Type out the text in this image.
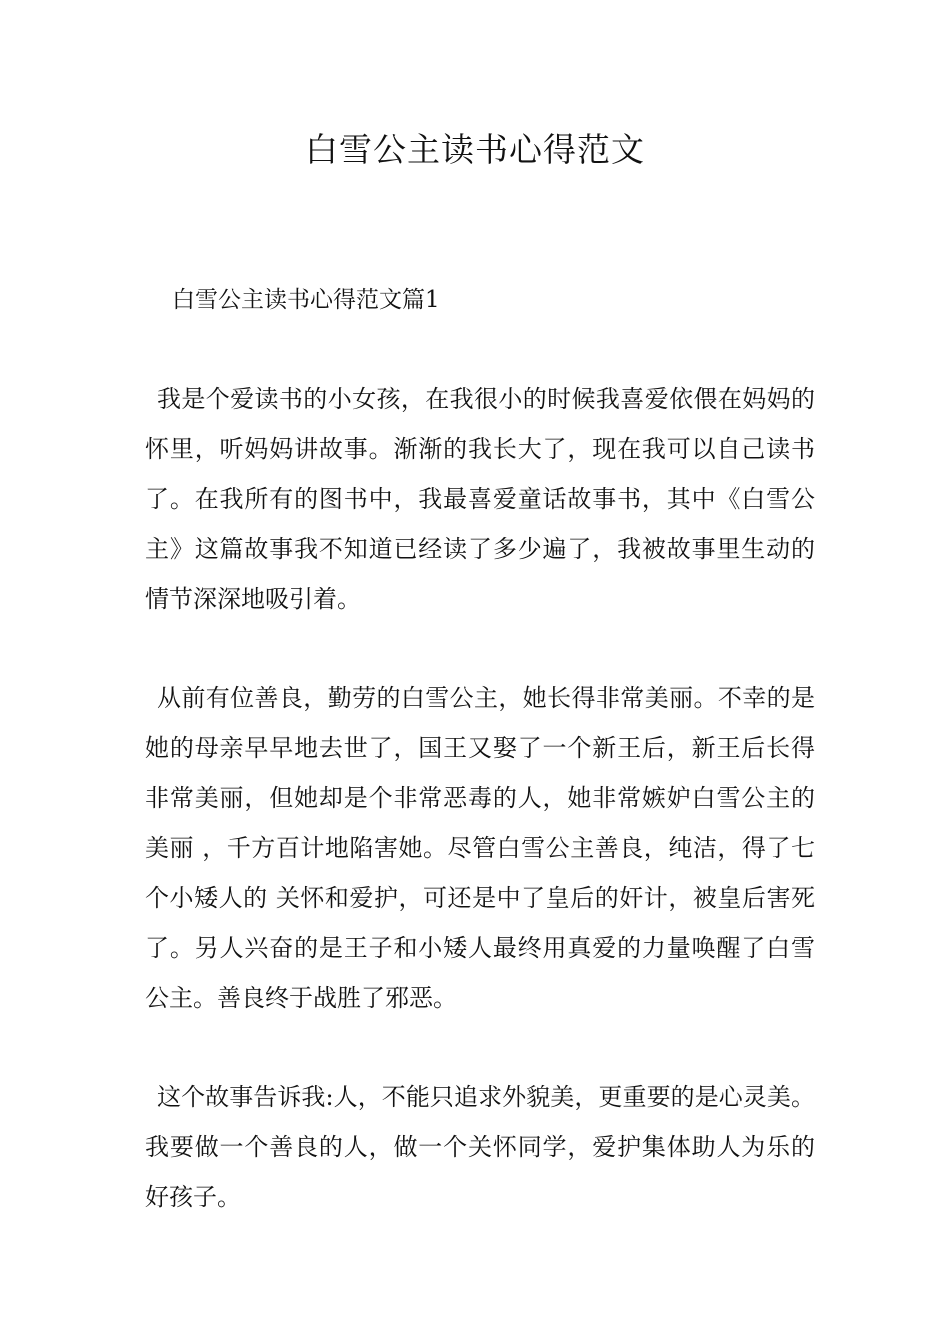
白雪公主读书心得范文
白雪公主读书心得范文篇1

我是个爱读书的小女孩，在我很小的时候我喜爱依偎在妈妈的怀里，听妈妈讲故事。渐渐的我长大了，现在我可以自己读书了。在我所有的图书中，我最喜爱童话故事书，其中《白雪公主》这篇故事我不知道已经读了多少遍了，我被故事里生动的情节深深地吸引着。

从前有位善良，勤劳的白雪公主，她长得非常美丽。不幸的是她的母亲早早地去世了，国王又娶了一个新王后，新王后长得非常美丽，但她却是个非常恶毒的人，她非常嫉妒白雪公主的美丽 ，千方百计地陷害她。尽管白雪公主善良，纯洁，得了七个小矮人的 关怀和爱护，可还是中了皇后的奸计，被皇后害死了。另人兴奋的是王子和小矮人最终用真爱的力量唤醒了白雪公主。善良终于战胜了邪恶。

这个故事告诉我:人，不能只追求外貌美，更重要的是心灵美。我要做一个善良的人，做一个关怀同学，爱护集体助人为乐的好孩子。
